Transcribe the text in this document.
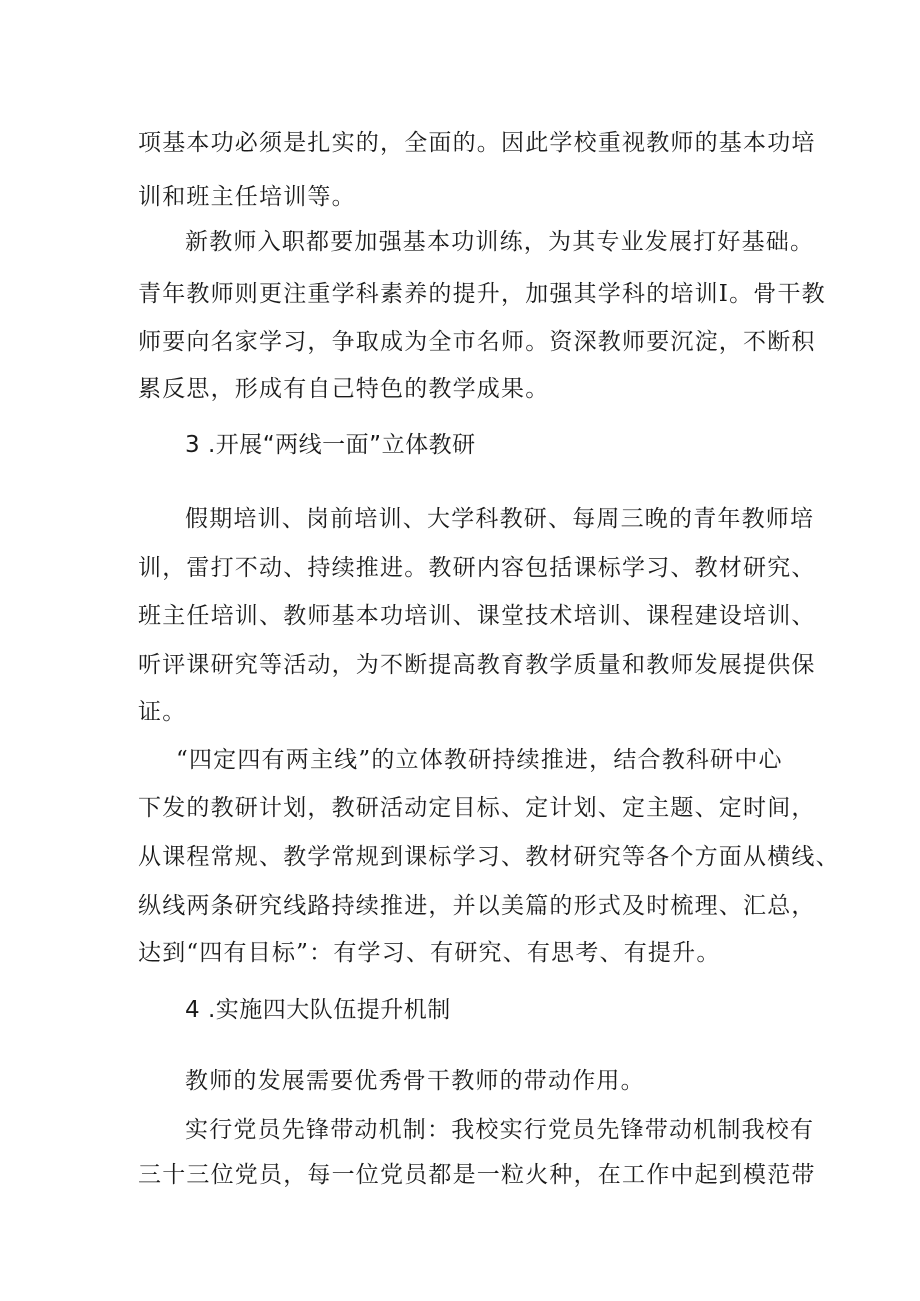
项基本功必须是扎实的，全面的。因此学校重视教师的基本功培
训和班主任培训等。
新教师入职都要加强基本功训练，为其专业发展打好基础。
青年教师则更注重学科素养的提升，加强其学科的培训I。骨干教
师要向名家学习，争取成为全市名师。资深教师要沉淀，不断积
累反思，形成有自己特色的教学成果。
3 .开展“两线一面”立体教研
假期培训、岗前培训、大学科教研、每周三晚的青年教师培
训，雷打不动、持续推进。教研内容包括课标学习、教材研究、
班主任培训、教师基本功培训、课堂技术培训、课程建设培训、
听评课研究等活动，为不断提高教育教学质量和教师发展提供保
证。
“四定四有两主线”的立体教研持续推进，结合教科研中心
下发的教研计划，教研活动定目标、定计划、定主题、定时间，
从课程常规、教学常规到课标学习、教材研究等各个方面从横线、
纵线两条研究线路持续推进，并以美篇的形式及时梳理、汇总，
达到“四有目标”：有学习、有研究、有思考、有提升。
4 .实施四大队伍提升机制
教师的发展需要优秀骨干教师的带动作用。
实行党员先锋带动机制：我校实行党员先锋带动机制我校有
三十三位党员，每一位党员都是一粒火种，在工作中起到模范带
